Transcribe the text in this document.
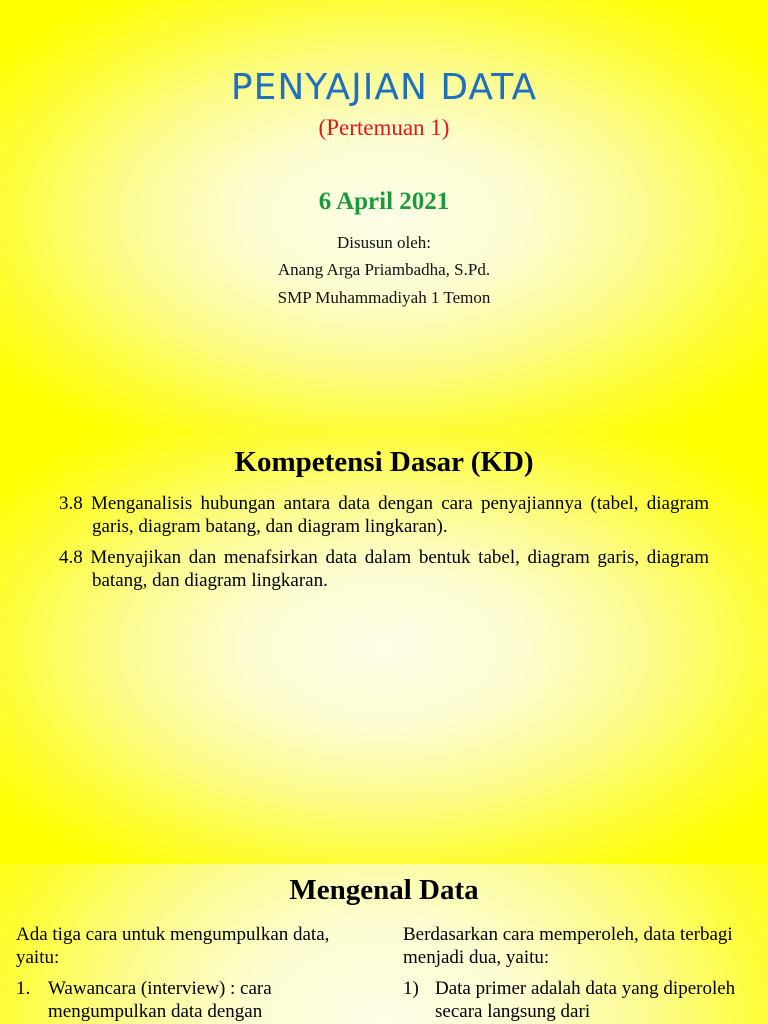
PENYAJIAN DATA
(Pertemuan 1)
6 April 2021
Disusun oleh:
Anang Arga Priambadha, S.Pd.
SMP Muhammadiyah 1 Temon
Kompetensi Dasar (KD)
3.8 Menganalisis hubungan antara data dengan cara penyajiannya (tabel, diagram garis, diagram batang, dan diagram lingkaran).
4.8 Menyajikan dan menafsirkan data dalam bentuk tabel, diagram garis, diagram batang, dan diagram lingkaran.
Mengenal Data

Ada tiga cara untuk mengumpulkan data, yaitu:

1. Wawancara (interview) : cara mengumpulkan data dengan

Berdasarkan cara memperoleh, data terbagi menjadi dua, yaitu:

1) Data primer adalah data yang diperoleh secara langsung dari
